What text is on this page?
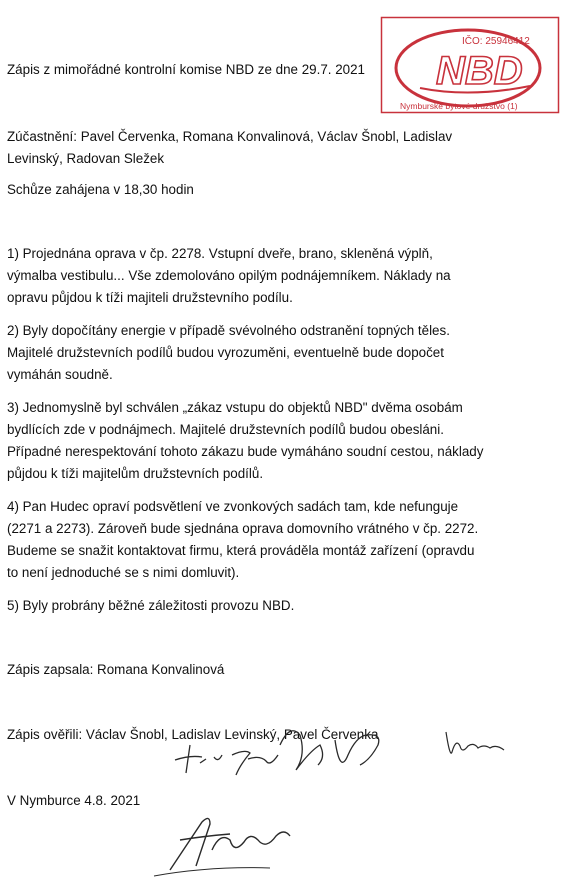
IČO: 25946412
NBD
Nymburské bytové družstvo (1)
Zápis z mimořádné kontrolní komise NBD ze dne 29.7. 2021
Zúčastnění: Pavel Červenka, Romana Konvalinová, Václav Šnobl, Ladislav
Levinský, Radovan Sležek
Schůze zahájena v 18,30 hodin
1) Projednána oprava v čp. 2278. Vstupní dveře, brano, skleněná výplň,
výmalba vestibulu... Vše zdemolováno opilým podnájemníkem. Náklady na
opravu půjdou k tíži majiteli družstevního podílu.
2) Byly dopočítány energie v případě svévolného odstranění topných těles.
Majitelé družstevních podílů budou vyrozuměni, eventuelně bude dopočet
vymáhán soudně.
3) Jednomyslně byl schválen „zákaz vstupu do objektů NBD" dvěma osobám
bydlících zde v podnájmech. Majitelé družstevních podílů budou obesláni.
Případné nerespektování tohoto zákazu bude vymáháno soudní cestou, náklady
půjdou k tíži majitelům družstevních podílů.
4) Pan Hudec opraví podsvětlení ve zvonkových sadách tam, kde nefunguje
(2271 a 2273). Zároveň bude sjednána oprava domovního vrátného v čp. 2272.
Budeme se snažit kontaktovat firmu, která prováděla montáž zařízení (opravdu
to není jednoduché se s nimi domluvit).
5) Byly probrány běžné záležitosti provozu NBD.
Zápis zapsala: Romana Konvalinová
Zápis ověřili: Václav Šnobl, Ladislav Levinský, Pavel Červenka
V Nymburce 4.8. 2021
